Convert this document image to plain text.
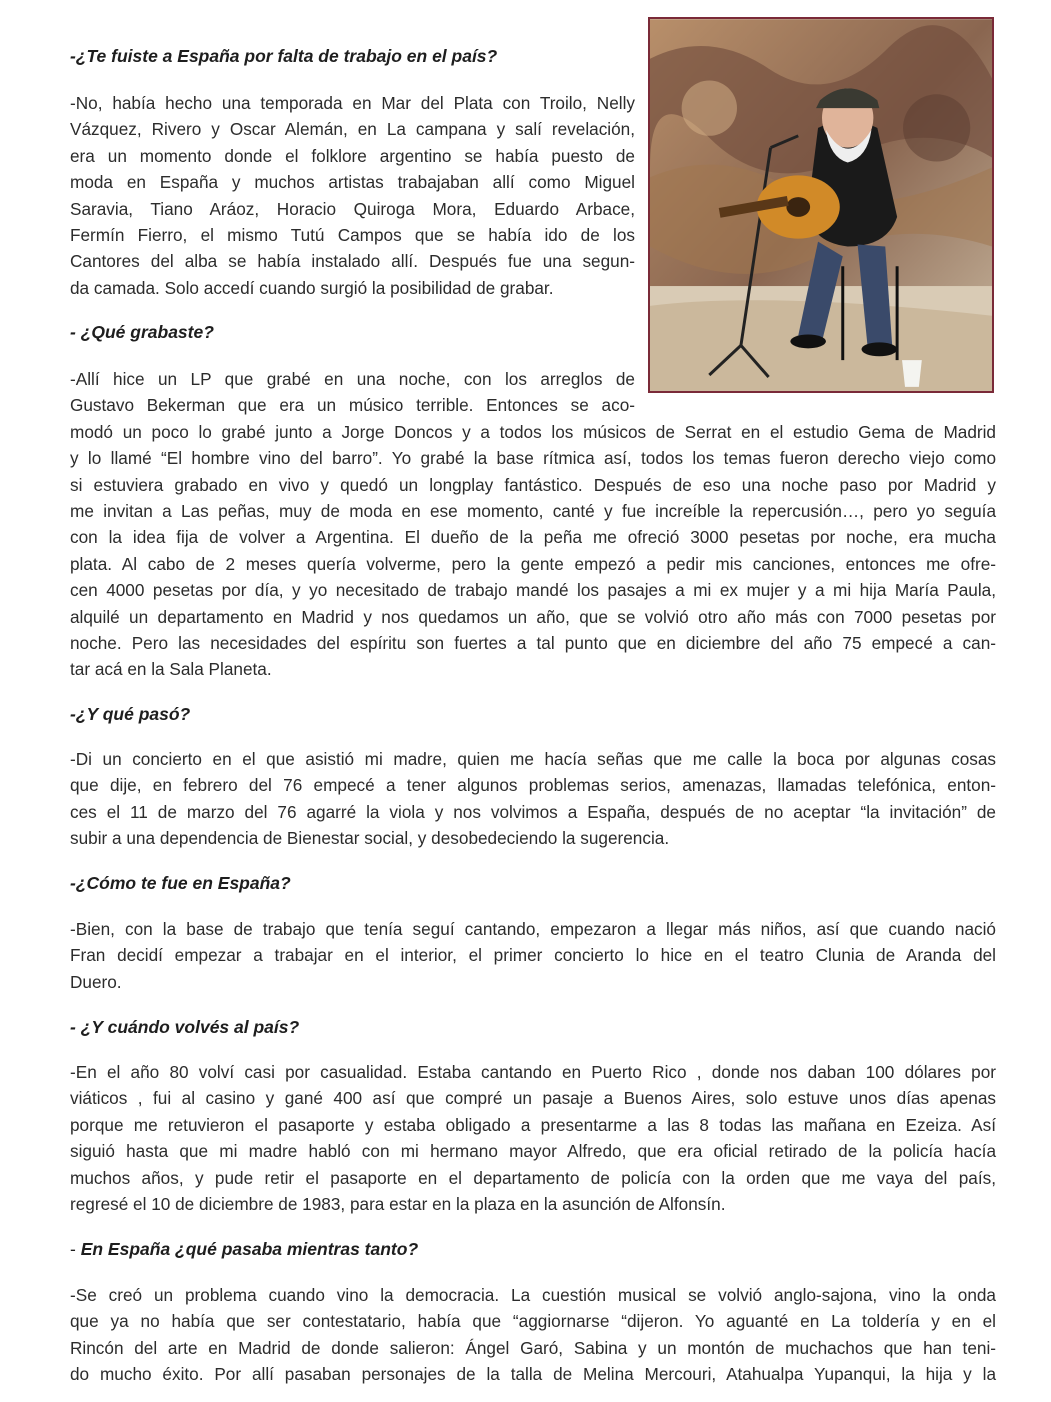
-¿Te fuiste a España por falta de trabajo en el país?
-No, había hecho una temporada en Mar del Plata con Troilo, Nelly
Vázquez, Rivero y Oscar Alemán, en La campana y salí revelación,
era un momento donde el folklore argentino se había puesto de
moda en España y muchos artistas trabajaban allí como Miguel
Saravia, Tiano Aráoz, Horacio Quiroga Mora, Eduardo Arbace,
Fermín Fierro, el mismo Tutú Campos que se había ido de los
Cantores del alba se había instalado allí. Después fue una segun-
da camada. Solo accedí cuando surgió la posibilidad de grabar.
- ¿Qué grabaste?
-Allí hice un LP que grabé en una noche, con los arreglos de
Gustavo Bekerman que era un músico terrible. Entonces se aco-
modó un poco lo grabé junto a Jorge Doncos y a todos los músicos de Serrat en el estudio Gema de Madrid
y lo llamé “El hombre vino del barro”. Yo grabé la base rítmica así, todos los temas fueron derecho viejo como
si estuviera grabado en vivo y quedó un longplay fantástico. Después de eso una noche paso por Madrid y
me invitan a Las peñas, muy de moda en ese momento, canté y fue increíble la repercusión…, pero yo seguía
con la idea fija de volver a Argentina. El dueño de la peña me ofreció 3000 pesetas por noche, era mucha
plata. Al cabo de 2 meses quería volverme, pero la gente empezó a pedir mis canciones, entonces me ofre-
cen 4000 pesetas por día, y yo necesitado de trabajo mandé los pasajes a mi ex mujer y a mi hija María Paula,
alquilé un departamento en Madrid y nos quedamos un año, que se volvió otro año más con 7000 pesetas por
noche. Pero las necesidades del espíritu son fuertes a tal punto que en diciembre del año 75 empecé a can-
tar acá en la Sala Planeta.
-¿Y qué pasó?
-Di un concierto en el que asistió mi madre, quien me hacía señas que me calle la boca por algunas cosas
que dije, en febrero del 76 empecé a tener algunos problemas serios, amenazas, llamadas telefónica, enton-
ces el 11 de marzo del 76 agarré la viola y nos volvimos a España, después de no aceptar “la invitación” de
subir a una dependencia de Bienestar social, y desobedeciendo la sugerencia.
-¿Cómo te fue en España?
-Bien, con la base de trabajo que tenía seguí cantando, empezaron a llegar más niños, así que cuando nació
Fran decidí empezar a trabajar en el interior, el primer concierto lo hice en el teatro Clunia de Aranda del
Duero.
- ¿Y cuándo volvés al país?
-En el año 80 volví casi por casualidad. Estaba cantando en Puerto Rico , donde nos daban 100 dólares por
viáticos , fui al casino y gané 400 así que compré un pasaje a Buenos Aires, solo estuve unos días apenas
porque me retuvieron el pasaporte y estaba obligado a presentarme a las 8 todas las mañana en Ezeiza. Así
siguió hasta que mi madre habló con mi hermano mayor Alfredo, que era oficial retirado de la policía hacía
muchos años, y pude retir el pasaporte en el departamento de policía con la orden que me vaya del país,
regresé el 10 de diciembre de 1983, para estar en la plaza en la asunción de Alfonsín.
- En España ¿qué pasaba mientras tanto?
-Se creó un problema cuando vino la democracia. La cuestión musical se volvió anglo-sajona, vino la onda
que ya no había que ser contestatario, había que “aggiornarse “dijeron. Yo aguanté en La toldería y en el
Rincón del arte en Madrid de donde salieron: Ángel Garó, Sabina y un montón de muchachos que han teni-
do mucho éxito. Por allí pasaban personajes de la talla de Melina Mercouri, Atahualpa Yupanqui, la hija y la
